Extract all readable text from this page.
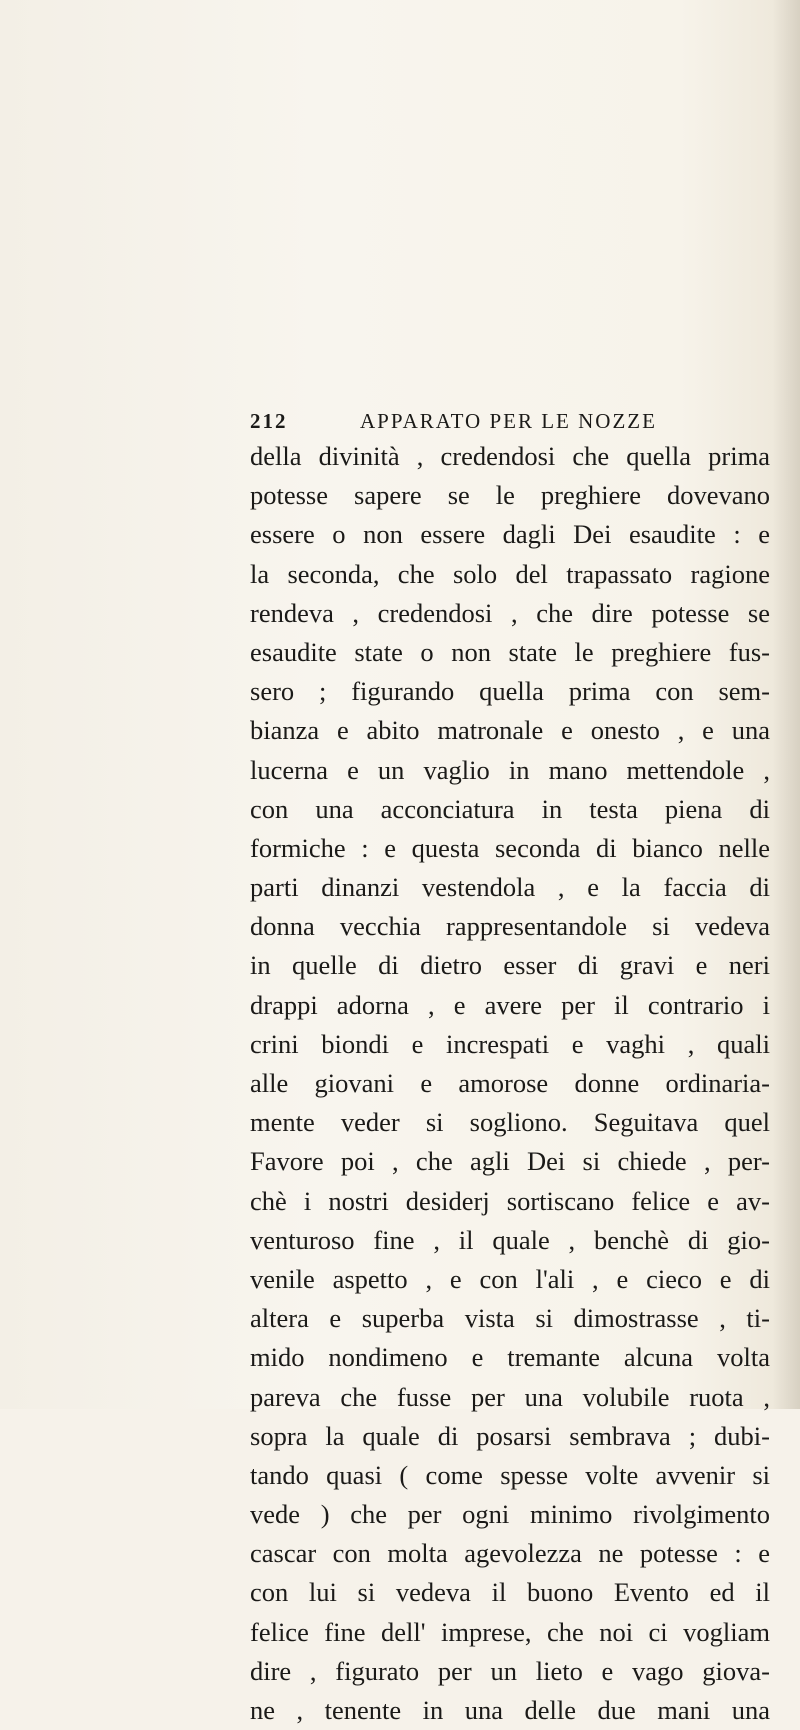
212	APPARATO PER LE NOZZE
della divinità , credendosi che quella prima
potesse sapere se le preghiere dovevano
essere o non essere dagli Dei esaudite : e
la seconda, che solo del trapassato ragione
rendeva , credendosi , che dire potesse se
esaudite state o non state le preghiere fus-
sero ; figurando quella prima con sem-
bianza e abito matronale e onesto , e una
lucerna e un vaglio in mano mettendole ,
con una acconciatura in testa piena di
formiche : e questa seconda di bianco nelle
parti dinanzi vestendola , e la faccia di
donna vecchia rappresentandole si vedeva
in quelle di dietro esser di gravi e neri
drappi adorna , e avere per il contrario i
crini biondi e increspati e vaghi , quali
alle giovani e amorose donne ordinaria-
mente veder si sogliono. Seguitava quel
Favore poi , che agli Dei si chiede , per-
chè i nostri desiderj sortiscano felice e av-
venturoso fine , il quale , benchè di gio-
venile aspetto , e con l'ali , e cieco e di
altera e superba vista si dimostrasse , ti-
mido nondimeno e tremante alcuna volta
pareva che fusse per una volubile ruota ,
sopra la quale di posarsi sembrava ; dubi-
tando quasi ( come spesse volte avvenir si
vede ) che per ogni minimo rivolgimento
cascar con molta agevolezza ne potesse : e
con lui si vedeva il buono Evento ed il
felice fine dell' imprese, che noi ci vogliam
dire , figurato per un lieto e vago giova-
ne , tenente in una delle due mani una
